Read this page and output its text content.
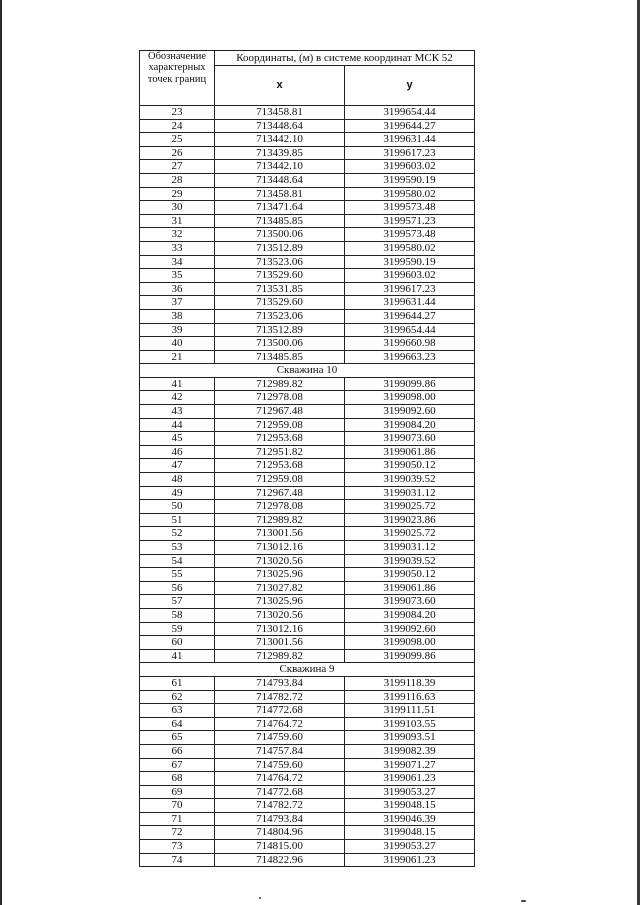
Обозначение характерных точек границ	Координаты, (м) в системе координат МСК 52	
	x	y
23	713458.81	3199654.44
24	713448.64	3199644.27
25	713442.10	3199631.44
26	713439.85	3199617.23
27	713442.10	3199603.02
28	713448.64	3199590.19
29	713458.81	3199580.02
30	713471.64	3199573.48
31	713485.85	3199571.23
32	713500.06	3199573.48
33	713512.89	3199580.02
34	713523.06	3199590.19
35	713529.60	3199603.02
36	713531.85	3199617.23
37	713529.60	3199631.44
38	713523.06	3199644.27
39	713512.89	3199654.44
40	713500.06	3199660.98
21	713485.85	3199663.23
Скважина 10		
41	712989.82	3199099.86
42	712978.08	3199098.00
43	712967.48	3199092.60
44	712959.08	3199084.20
45	712953.68	3199073.60
46	712951.82	3199061.86
47	712953.68	3199050.12
48	712959.08	3199039.52
49	712967.48	3199031.12
50	712978.08	3199025.72
51	712989.82	3199023.86
52	713001.56	3199025.72
53	713012.16	3199031.12
54	713020.56	3199039.52
55	713025.96	3199050.12
56	713027.82	3199061.86
57	713025.96	3199073.60
58	713020.56	3199084.20
59	713012.16	3199092.60
60	713001.56	3199098.00
41	712989.82	3199099.86
Скважина 9		
61	714793.84	3199118.39
62	714782.72	3199116.63
63	714772.68	3199111.51
64	714764.72	3199103.55
65	714759.60	3199093.51
66	714757.84	3199082.39
67	714759.60	3199071.27
68	714764.72	3199061.23
69	714772.68	3199053.27
70	714782.72	3199048.15
71	714793.84	3199046.39
72	714804.96	3199048.15
73	714815.00	3199053.27
74	714822.96	3199061.23
